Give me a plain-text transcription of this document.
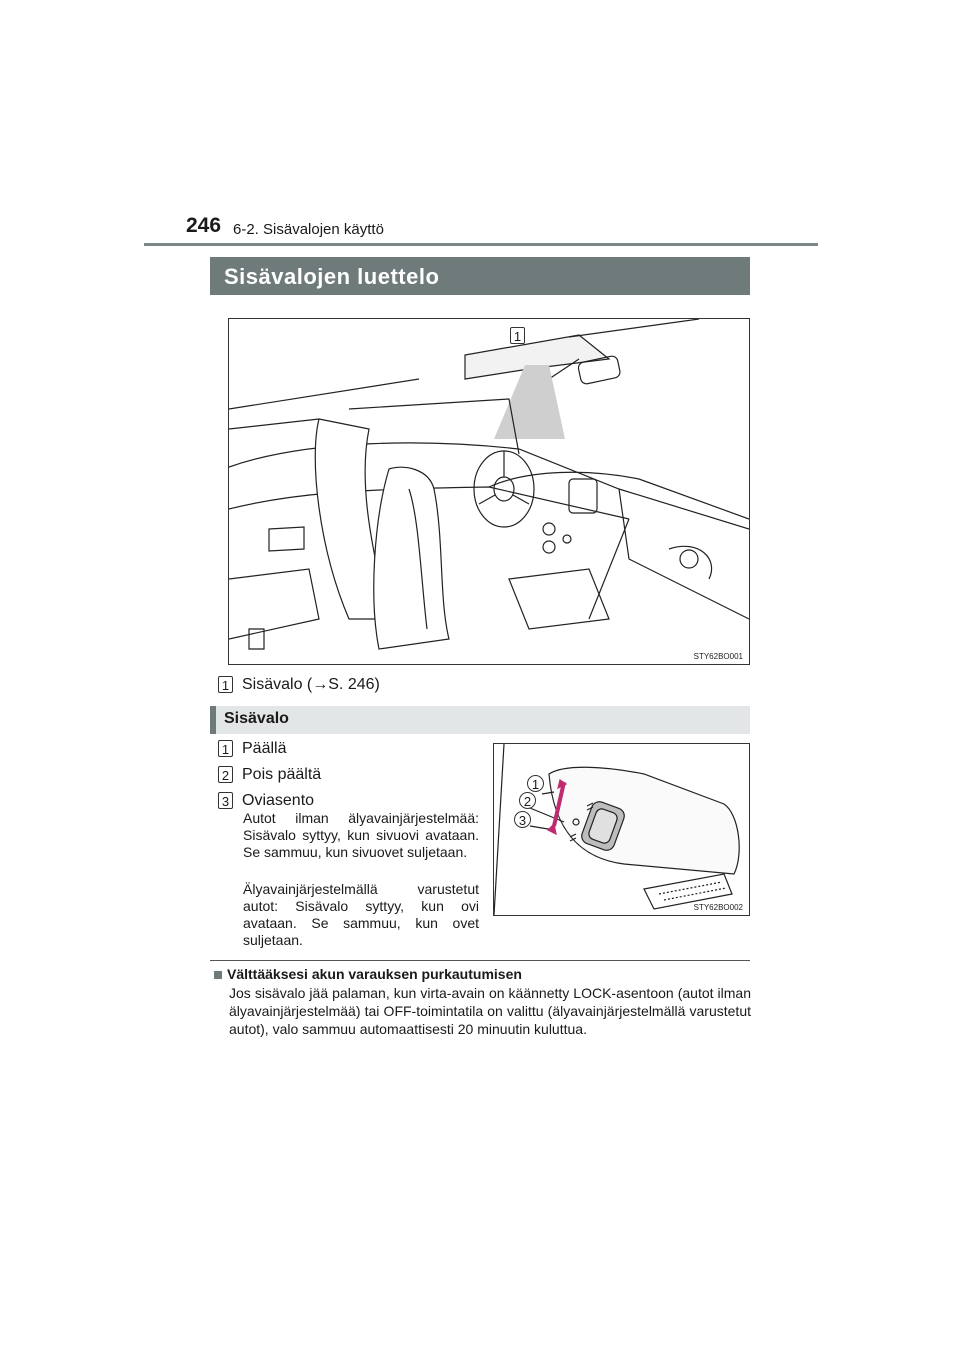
246 6-2. Sisävalojen käyttö
Sisävalojen luettelo
1
STY62BO001
1 Sisävalo (→S. 246)
Sisävalo
1 Päällä
2 Pois päältä
3 Oviasento

Autot ilman älyavainjärjestelmää: Sisävalo syttyy, kun sivuovi avataan. Se sammuu, kun sivuovet suljetaan.

Älyavainjärjestelmällä varustetut autot: Sisävalo syttyy, kun ovi avataan. Se sammuu, kun ovet suljetaan.

1
2
3
STY62BO002
Välttääksesi akun varauksen purkautumisen

Jos sisävalo jää palaman, kun virta-avain on käännetty LOCK-asentoon (autot ilman älyavainjärjestelmää) tai OFF-toimintatila on valittu (älyavainjärjestelmällä varustetut autot), valo sammuu automaattisesti 20 minuutin kuluttua.
